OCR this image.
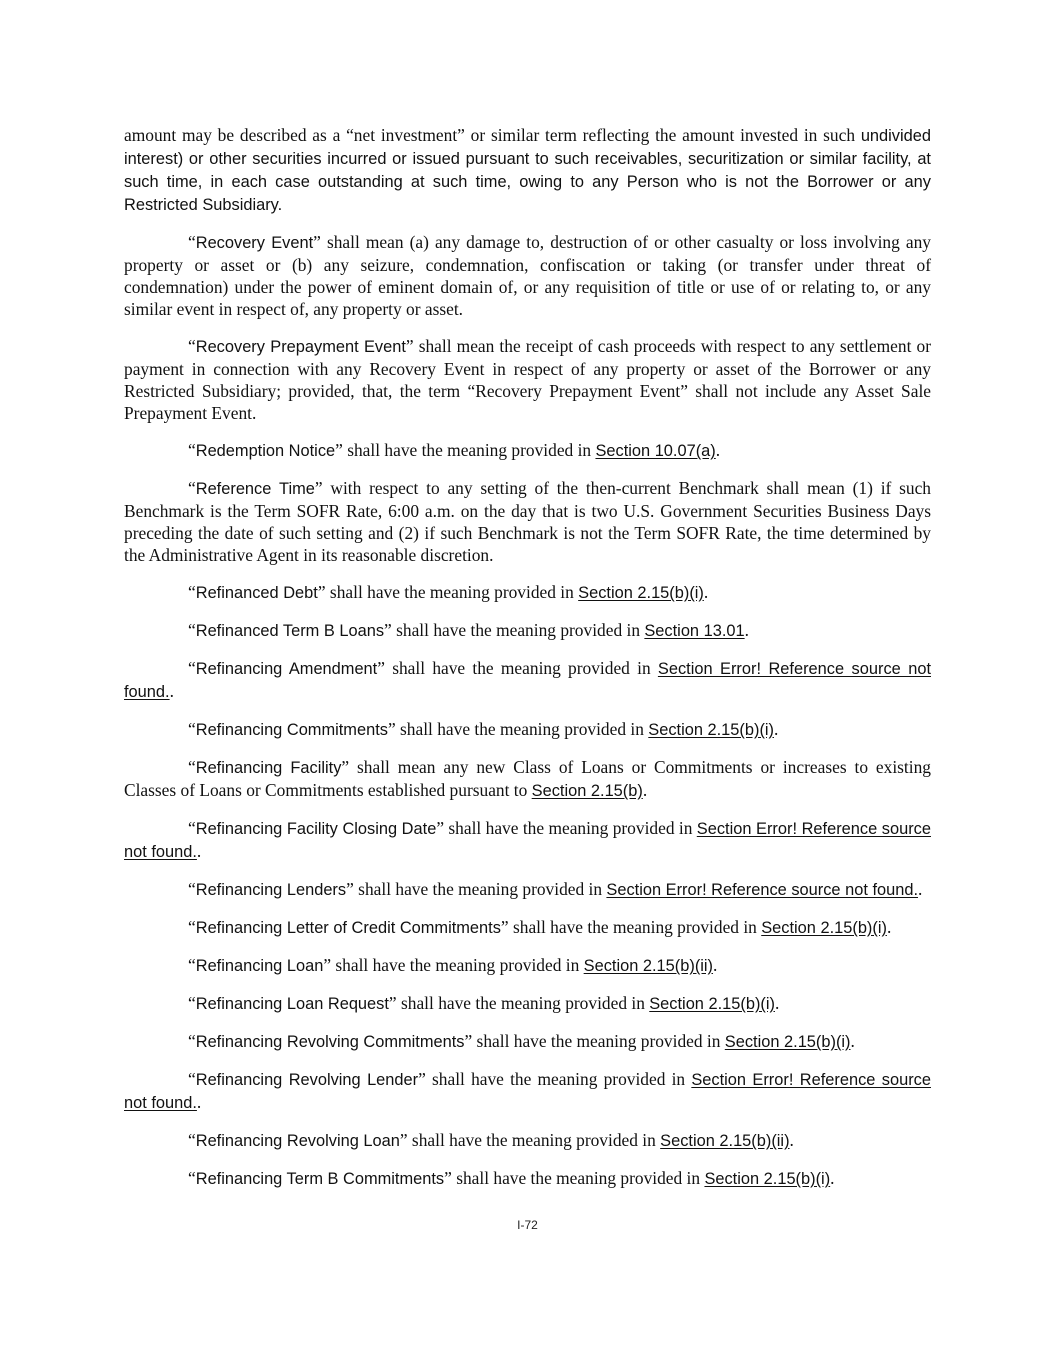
amount may be described as a “net investment” or similar term reflecting the amount invested in such undivided interest) or other securities incurred or issued pursuant to such receivables, securitization or similar facility, at such time, in each case outstanding at such time, owing to any Person who is not the Borrower or any Restricted Subsidiary.

“Recovery Event” shall mean (a) any damage to, destruction of or other casualty or loss involving any property or asset or (b) any seizure, condemnation, confiscation or taking (or transfer under threat of condemnation) under the power of eminent domain of, or any requisition of title or use of or relating to, or any similar event in respect of, any property or asset.

“Recovery Prepayment Event” shall mean the receipt of cash proceeds with respect to any settlement or payment in connection with any Recovery Event in respect of any property or asset of the Borrower or any Restricted Subsidiary; provided, that, the term “Recovery Prepayment Event” shall not include any Asset Sale Prepayment Event.

“Redemption Notice” shall have the meaning provided in Section 10.07(a).

“Reference Time” with respect to any setting of the then-current Benchmark shall mean (1) if such Benchmark is the Term SOFR Rate, 6:00 a.m. on the day that is two U.S. Government Securities Business Days preceding the date of such setting and (2) if such Benchmark is not the Term SOFR Rate, the time determined by the Administrative Agent in its reasonable discretion.

“Refinanced Debt” shall have the meaning provided in Section 2.15(b)(i).

“Refinanced Term B Loans” shall have the meaning provided in Section 13.01.

“Refinancing Amendment” shall have the meaning provided in Section Error! Reference source not found..

“Refinancing Commitments” shall have the meaning provided in Section 2.15(b)(i).

“Refinancing Facility” shall mean any new Class of Loans or Commitments or increases to existing Classes of Loans or Commitments established pursuant to Section 2.15(b).

“Refinancing Facility Closing Date” shall have the meaning provided in Section Error! Reference source not found..

“Refinancing Lenders” shall have the meaning provided in Section Error! Reference source not found..

“Refinancing Letter of Credit Commitments” shall have the meaning provided in Section 2.15(b)(i).

“Refinancing Loan” shall have the meaning provided in Section 2.15(b)(ii).

“Refinancing Loan Request” shall have the meaning provided in Section 2.15(b)(i).

“Refinancing Revolving Commitments” shall have the meaning provided in Section 2.15(b)(i).

“Refinancing Revolving Lender” shall have the meaning provided in Section Error! Reference source not found..

“Refinancing Revolving Loan” shall have the meaning provided in Section 2.15(b)(ii).

“Refinancing Term B Commitments” shall have the meaning provided in Section 2.15(b)(i).

I-72
